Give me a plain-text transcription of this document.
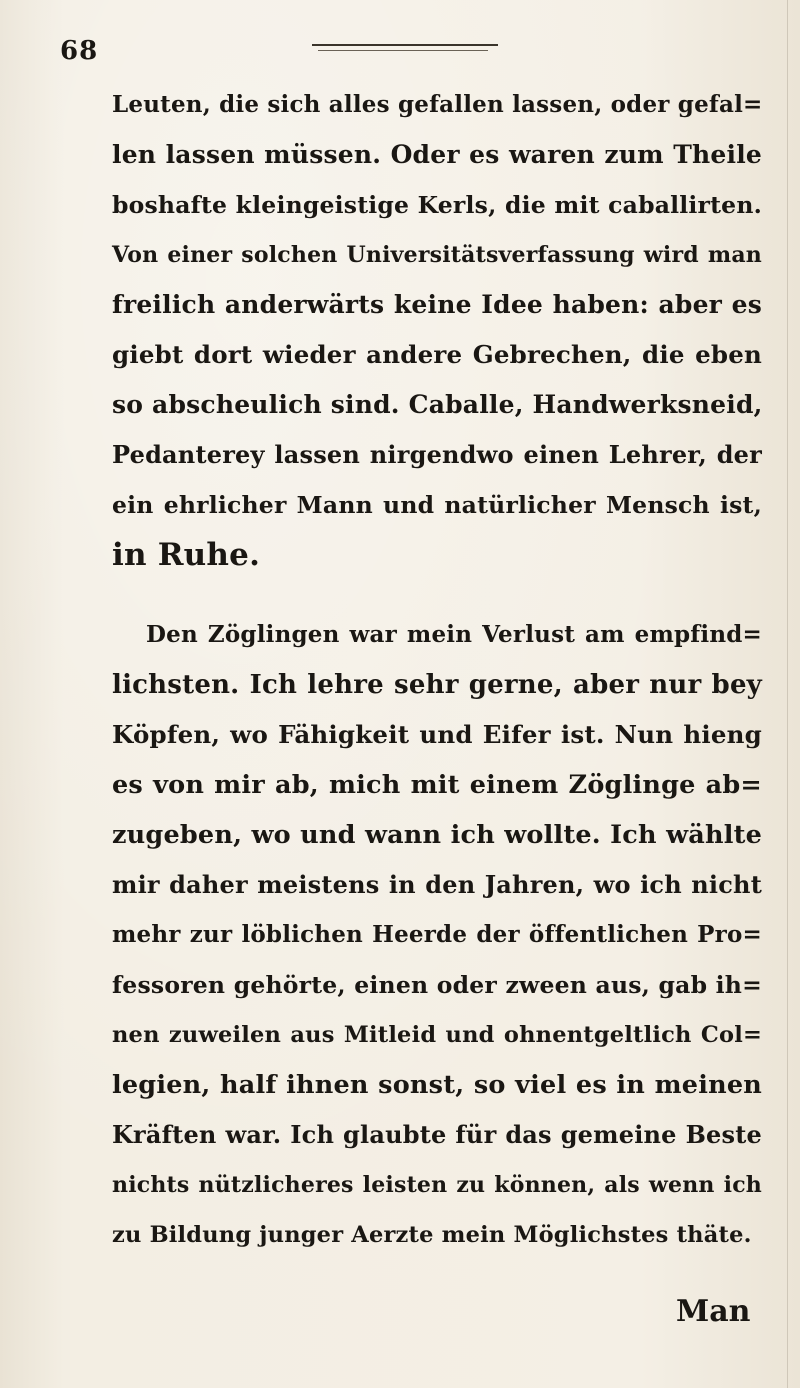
68
Leuten, die sich alles gefallen lassen, oder gefal=
len lassen müssen. Oder es waren zum Theile
boshafte kleingeistige Kerls, die mit caballirten.
Von einer solchen Universitätsverfassung wird man
freilich anderwärts keine Idee haben: aber es
giebt dort wieder andere Gebrechen, die eben
so abscheulich sind. Caballe, Handwerksneid,
Pedanterey lassen nirgendwo einen Lehrer, der
ein ehrlicher Mann und natürlicher Mensch ist,
in Ruhe.
Den Zöglingen war mein Verlust am empfind=
lichsten. Ich lehre sehr gerne, aber nur bey
Köpfen, wo Fähigkeit und Eifer ist. Nun hieng
es von mir ab, mich mit einem Zöglinge ab=
zugeben, wo und wann ich wollte. Ich wählte
mir daher meistens in den Jahren, wo ich nicht
mehr zur löblichen Heerde der öffentlichen Pro=
fessoren gehörte, einen oder zween aus, gab ih=
nen zuweilen aus Mitleid und ohnentgeltlich Col=
legien, half ihnen sonst, so viel es in meinen
Kräften war. Ich glaubte für das gemeine Beste
nichts nützlicheres leisten zu können, als wenn ich
zu Bildung junger Aerzte mein Möglichstes thäte.
Man
